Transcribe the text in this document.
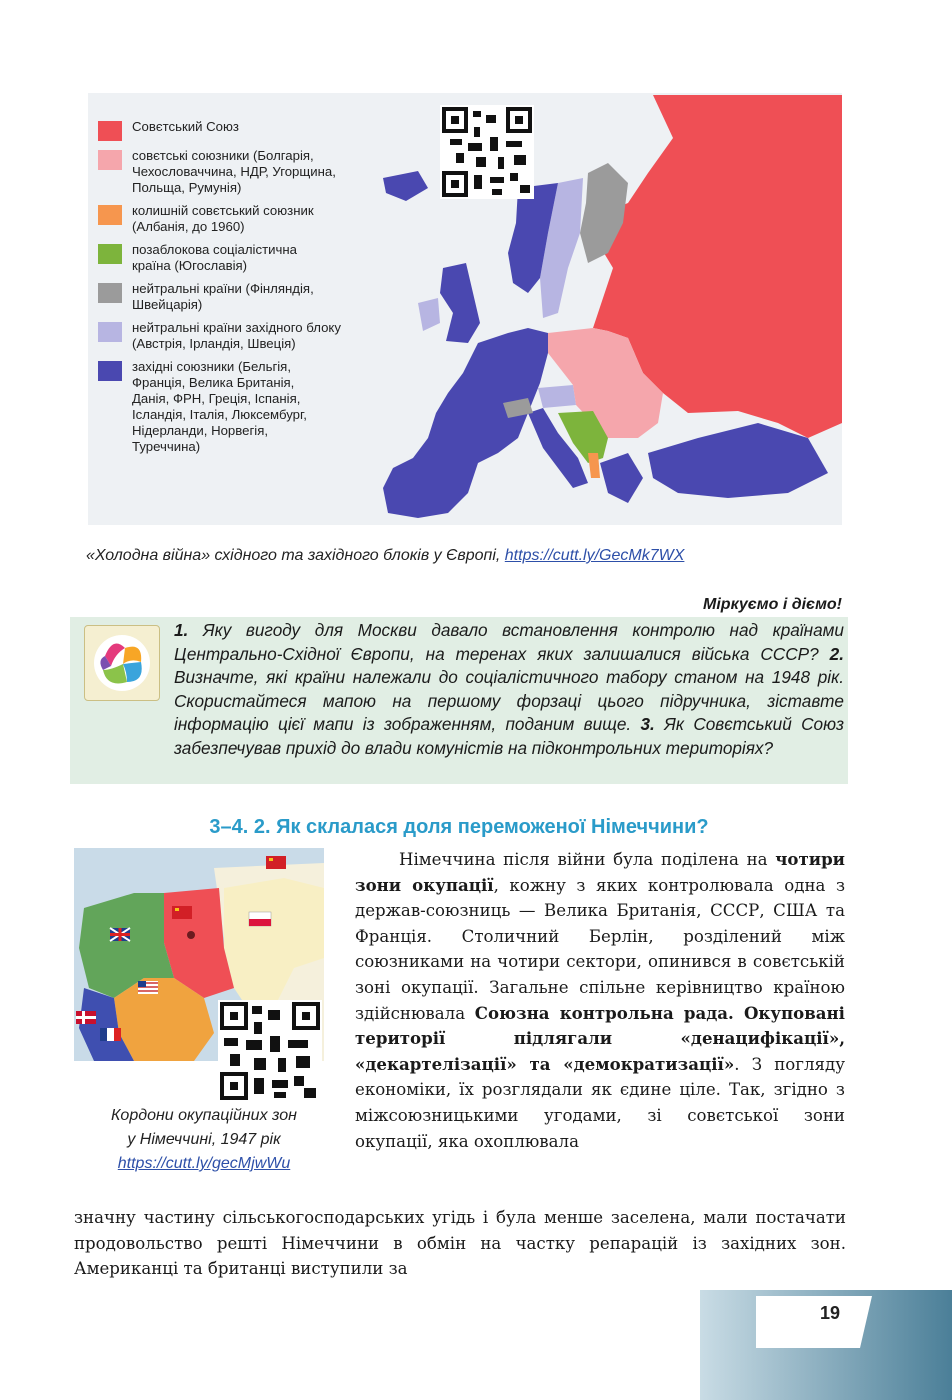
Совєтський Союз
совєтські союзники (Болгарія,
Чехословаччина, НДР, Угорщина,
Польща, Румунія)
колишній совєтський союзник
(Албанія, до 1960)
позаблокова соціалістична
країна (Югославія)
нейтральні країни (Фінляндія,
Швейцарія)
нейтральні країни західного блоку
(Австрія, Ірландія, Швеція)
західні союзники (Бельгія,
Франція, Велика Британія,
Данія, ФРН, Греція, Іспанія,
Ісландія, Італія, Люксембург,
Нідерланди, Норвегія,
Туреччина)
«Холодна війна» східного та західного блоків у Європі, https://cutt.ly/GecMk7WX
Міркуємо і діємо!
1. Яку вигоду для Москви давало встановлення контролю над країнами Центрально-Східної Європи, на теренах яких залишалися війська СССР? 2. Визначте, які країни належали до соціалістичного табору станом на 1948 рік. Скористайтеся мапою на першому форзаці цього підручника, зіставте інформацію цієї мапи із зображенням, поданим вище. 3. Як Совєтський Союз забезпечував прихід до влади комуністів на підконтрольних територіях?
3–4. 2. Як склалася доля переможеної Німеччини?
Кордони окупаційних зон
у Німеччині, 1947 рік
https://cutt.ly/gecMjwWu
Німеччина після війни була поділена на чотири зони окупації, кожну з яких контролювала одна з держав-союзниць — Велика Британія, СССР, США та Франція. Столичний Берлін, розділений між союзниками на чотири сектори, опинився в совєтській зоні окупації. Загальне спільне керівництво країною здійснювала Союзна контрольна рада. Окуповані території підлягали «денацифікації», «декартелізації» та «демократизації». З погляду економіки, їх розглядали як єдине ціле. Так, згідно з міжсоюзницькими угодами, зі совєтської зони окупації, яка охоплювала
значну частину сільськогосподарських угідь і була менше заселена, мали постачати продовольство решті Німеччини в обмін на частку репарацій із західних зон. Американці та британці виступили за
19
